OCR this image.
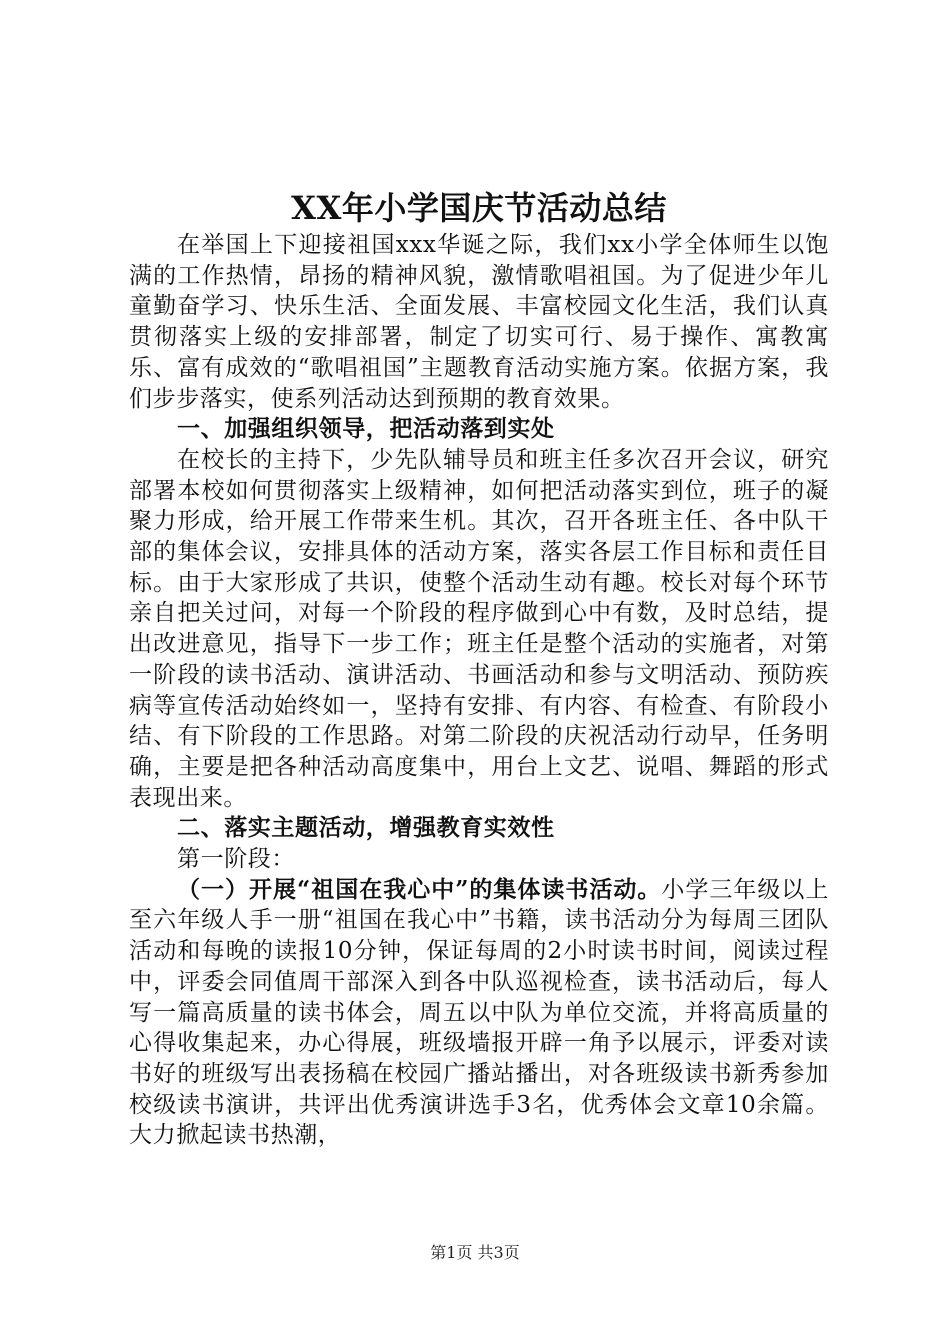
XX年小学国庆节活动总结

在举国上下迎接祖国xxx华诞之际，我们xx小学全体师生以饱满的工作热情，昂扬的精神风貌，激情歌唱祖国。为了促进少年儿童勤奋学习、快乐生活、全面发展、丰富校园文化生活，我们认真贯彻落实上级的安排部署，制定了切实可行、易于操作、寓教寓乐、富有成效的“歌唱祖国”主题教育活动实施方案。依据方案，我们步步落实，使系列活动达到预期的教育效果。

一、加强组织领导，把活动落到实处

在校长的主持下，少先队辅导员和班主任多次召开会议，研究部署本校如何贯彻落实上级精神，如何把活动落实到位，班子的凝聚力形成，给开展工作带来生机。其次，召开各班主任、各中队干部的集体会议，安排具体的活动方案，落实各层工作目标和责任目标。由于大家形成了共识，使整个活动生动有趣。校长对每个环节亲自把关过问，对每一个阶段的程序做到心中有数，及时总结，提出改进意见，指导下一步工作；班主任是整个活动的实施者，对第一阶段的读书活动、演讲活动、书画活动和参与文明活动、预防疾病等宣传活动始终如一，坚持有安排、有内容、有检查、有阶段小结、有下阶段的工作思路。对第二阶段的庆祝活动行动早，任务明确，主要是把各种活动高度集中，用台上文艺、说唱、舞蹈的形式表现出来。

二、落实主题活动，增强教育实效性

第一阶段：

（一）开展“祖国在我心中”的集体读书活动。小学三年级以上至六年级人手一册“祖国在我心中”书籍，读书活动分为每周三团队活动和每晚的读报10分钟，保证每周的2小时读书时间，阅读过程中，评委会同值周干部深入到各中队巡视检查，读书活动后，每人写一篇高质量的读书体会，周五以中队为单位交流，并将高质量的心得收集起来，办心得展，班级墙报开辟一角予以展示，评委对读书好的班级写出表扬稿在校园广播站播出，对各班级读书新秀参加校级读书演讲，共评出优秀演讲选手3名，优秀体会文章10余篇。大力掀起读书热潮，

第1页 共3页
